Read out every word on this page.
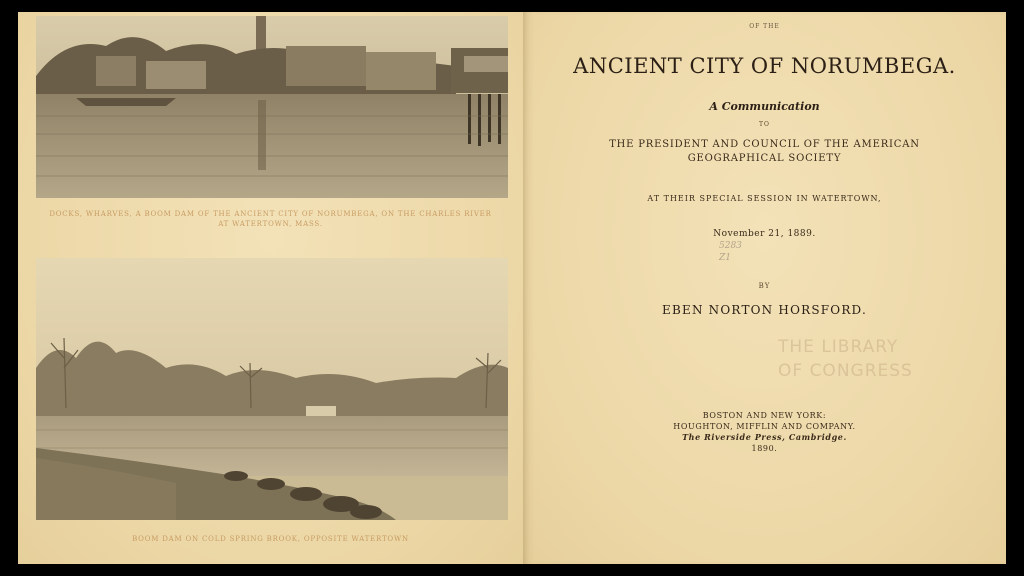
DOCKS, WHARVES, A BOOM DAM OF THE ANCIENT CITY OF NORUMBEGA, ON THE CHARLES RIVER AT WATERTOWN, MASS.
BOOM DAM ON COLD SPRING BROOK, OPPOSITE WATERTOWN
OF THE
ANCIENT CITY OF NORUMBEGA.
A Communication
TO
THE PRESIDENT AND COUNCIL OF THE AMERICAN
GEOGRAPHICAL SOCIETY
AT THEIR SPECIAL SESSION IN WATERTOWN,
November 21, 1889.
5283
Z1
BY
EBEN NORTON HORSFORD.
THE LIBRARY
OF CONGRESS
BOSTON AND NEW YORK:
HOUGHTON, MIFFLIN AND COMPANY.
The Riverside Press, Cambridge.
1890.
